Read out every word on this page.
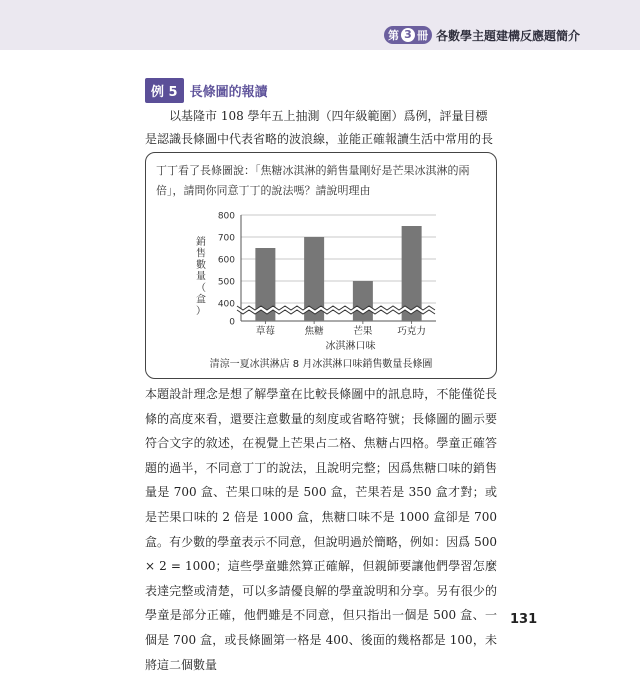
第 3 冊 各數學主題建構反應題簡介
例 5 長條圖的報讀
以基隆市 108 學年五上抽測（四年級範圍）爲例，評量目標是認識長條圖中代表省略的波浪線，並能正確報讀生活中常用的長
丁丁看了長條圖說：「焦糖冰淇淋的銷售量剛好是芒果冰淇淋的兩倍」，請問你同意丁丁的說法嗎？請說明理由
銷售數量（盒）
0
400
500
600
700
800
草莓	焦糖	芒果	巧克力
冰淇淋口味
清涼一夏冰淇淋店 8 月冰淇淋口味銷售數量長條圖

本題設計理念是想了解學童在比較長條圖中的訊息時，不能僅從長條的高度來看，還要注意數量的刻度或省略符號；長條圖的圖示要符合文字的敘述，在視覺上芒果占二格、焦糖占四格。學童正確答題的過半，不同意丁丁的說法，且說明完整；因爲焦糖口味的銷售量是 700 盒、芒果口味的是 500 盒，芒果若是 350 盒才對；或是芒果口味的 2 倍是 1000 盒，焦糖口味不是 1000 盒卻是 700 盒。有少數的學童表示不同意，但說明過於簡略，例如：因爲 500 × 2 = 1000；這些學童雖然算正確解，但親師要讓他們學習怎麼表達完整或清楚，可以多請優良解的學童說明和分享。另有很少的學童是部分正確，他們雖是不同意，但只指出一個是 500 盒、一個是 700 盒，或長條圖第一格是 400、後面的幾格都是 100，未將這二個數量

131
